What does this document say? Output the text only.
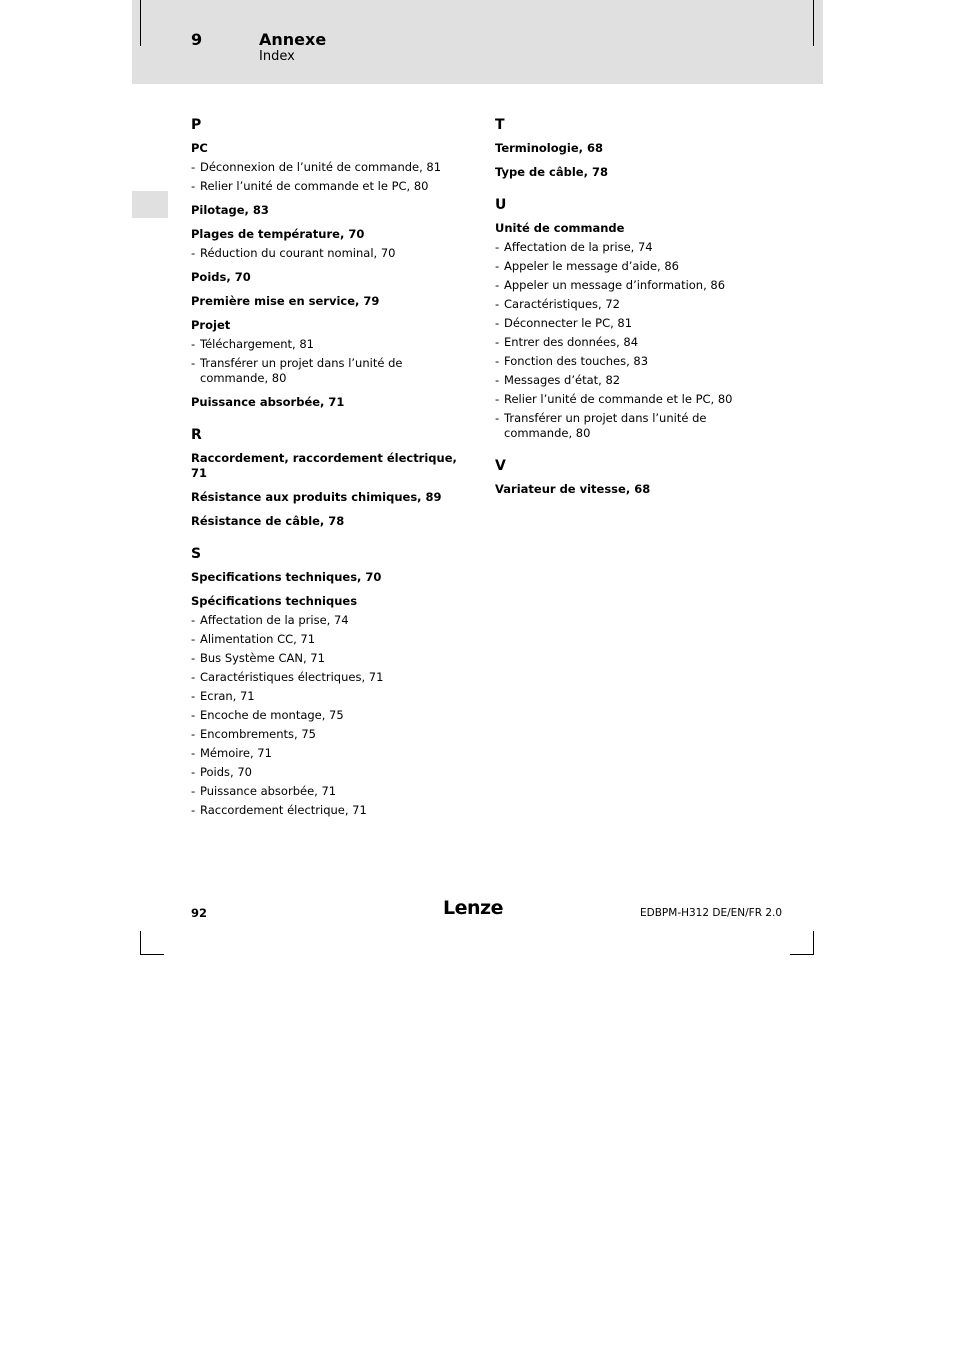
9	Annexe
Index
P
PC
- Déconnexion de l’unité de commande, 81
- Relier l’unité de commande et le PC, 80
Pilotage, 83
Plages de température, 70
- Réduction du courant nominal, 70
Poids, 70
Première mise en service, 79
Projet
- Téléchargement, 81
- Transférer un projet dans l’unité de commande, 80
Puissance absorbée, 71
R
Raccordement, raccordement électrique, 71
Résistance aux produits chimiques, 89
Résistance de câble, 78
S
Specifications techniques, 70
Spécifications techniques
- Affectation de la prise, 74
- Alimentation CC, 71
- Bus Système CAN, 71
- Caractéristiques électriques, 71
- Ecran, 71
- Encoche de montage, 75
- Encombrements, 75
- Mémoire, 71
- Poids, 70
- Puissance absorbée, 71
- Raccordement électrique, 71
T
Terminologie, 68
Type de câble, 78
U
Unité de commande
- Affectation de la prise, 74
- Appeler le message d’aide, 86
- Appeler un message d’information, 86
- Caractéristiques, 72
- Déconnecter le PC, 81
- Entrer des données, 84
- Fonction des touches, 83
- Messages d’état, 82
- Relier l’unité de commande et le PC, 80
- Transférer un projet dans l’unité de commande, 80
V
Variateur de vitesse, 68
92	Lenze	EDBPM-H312 DE/EN/FR 2.0
